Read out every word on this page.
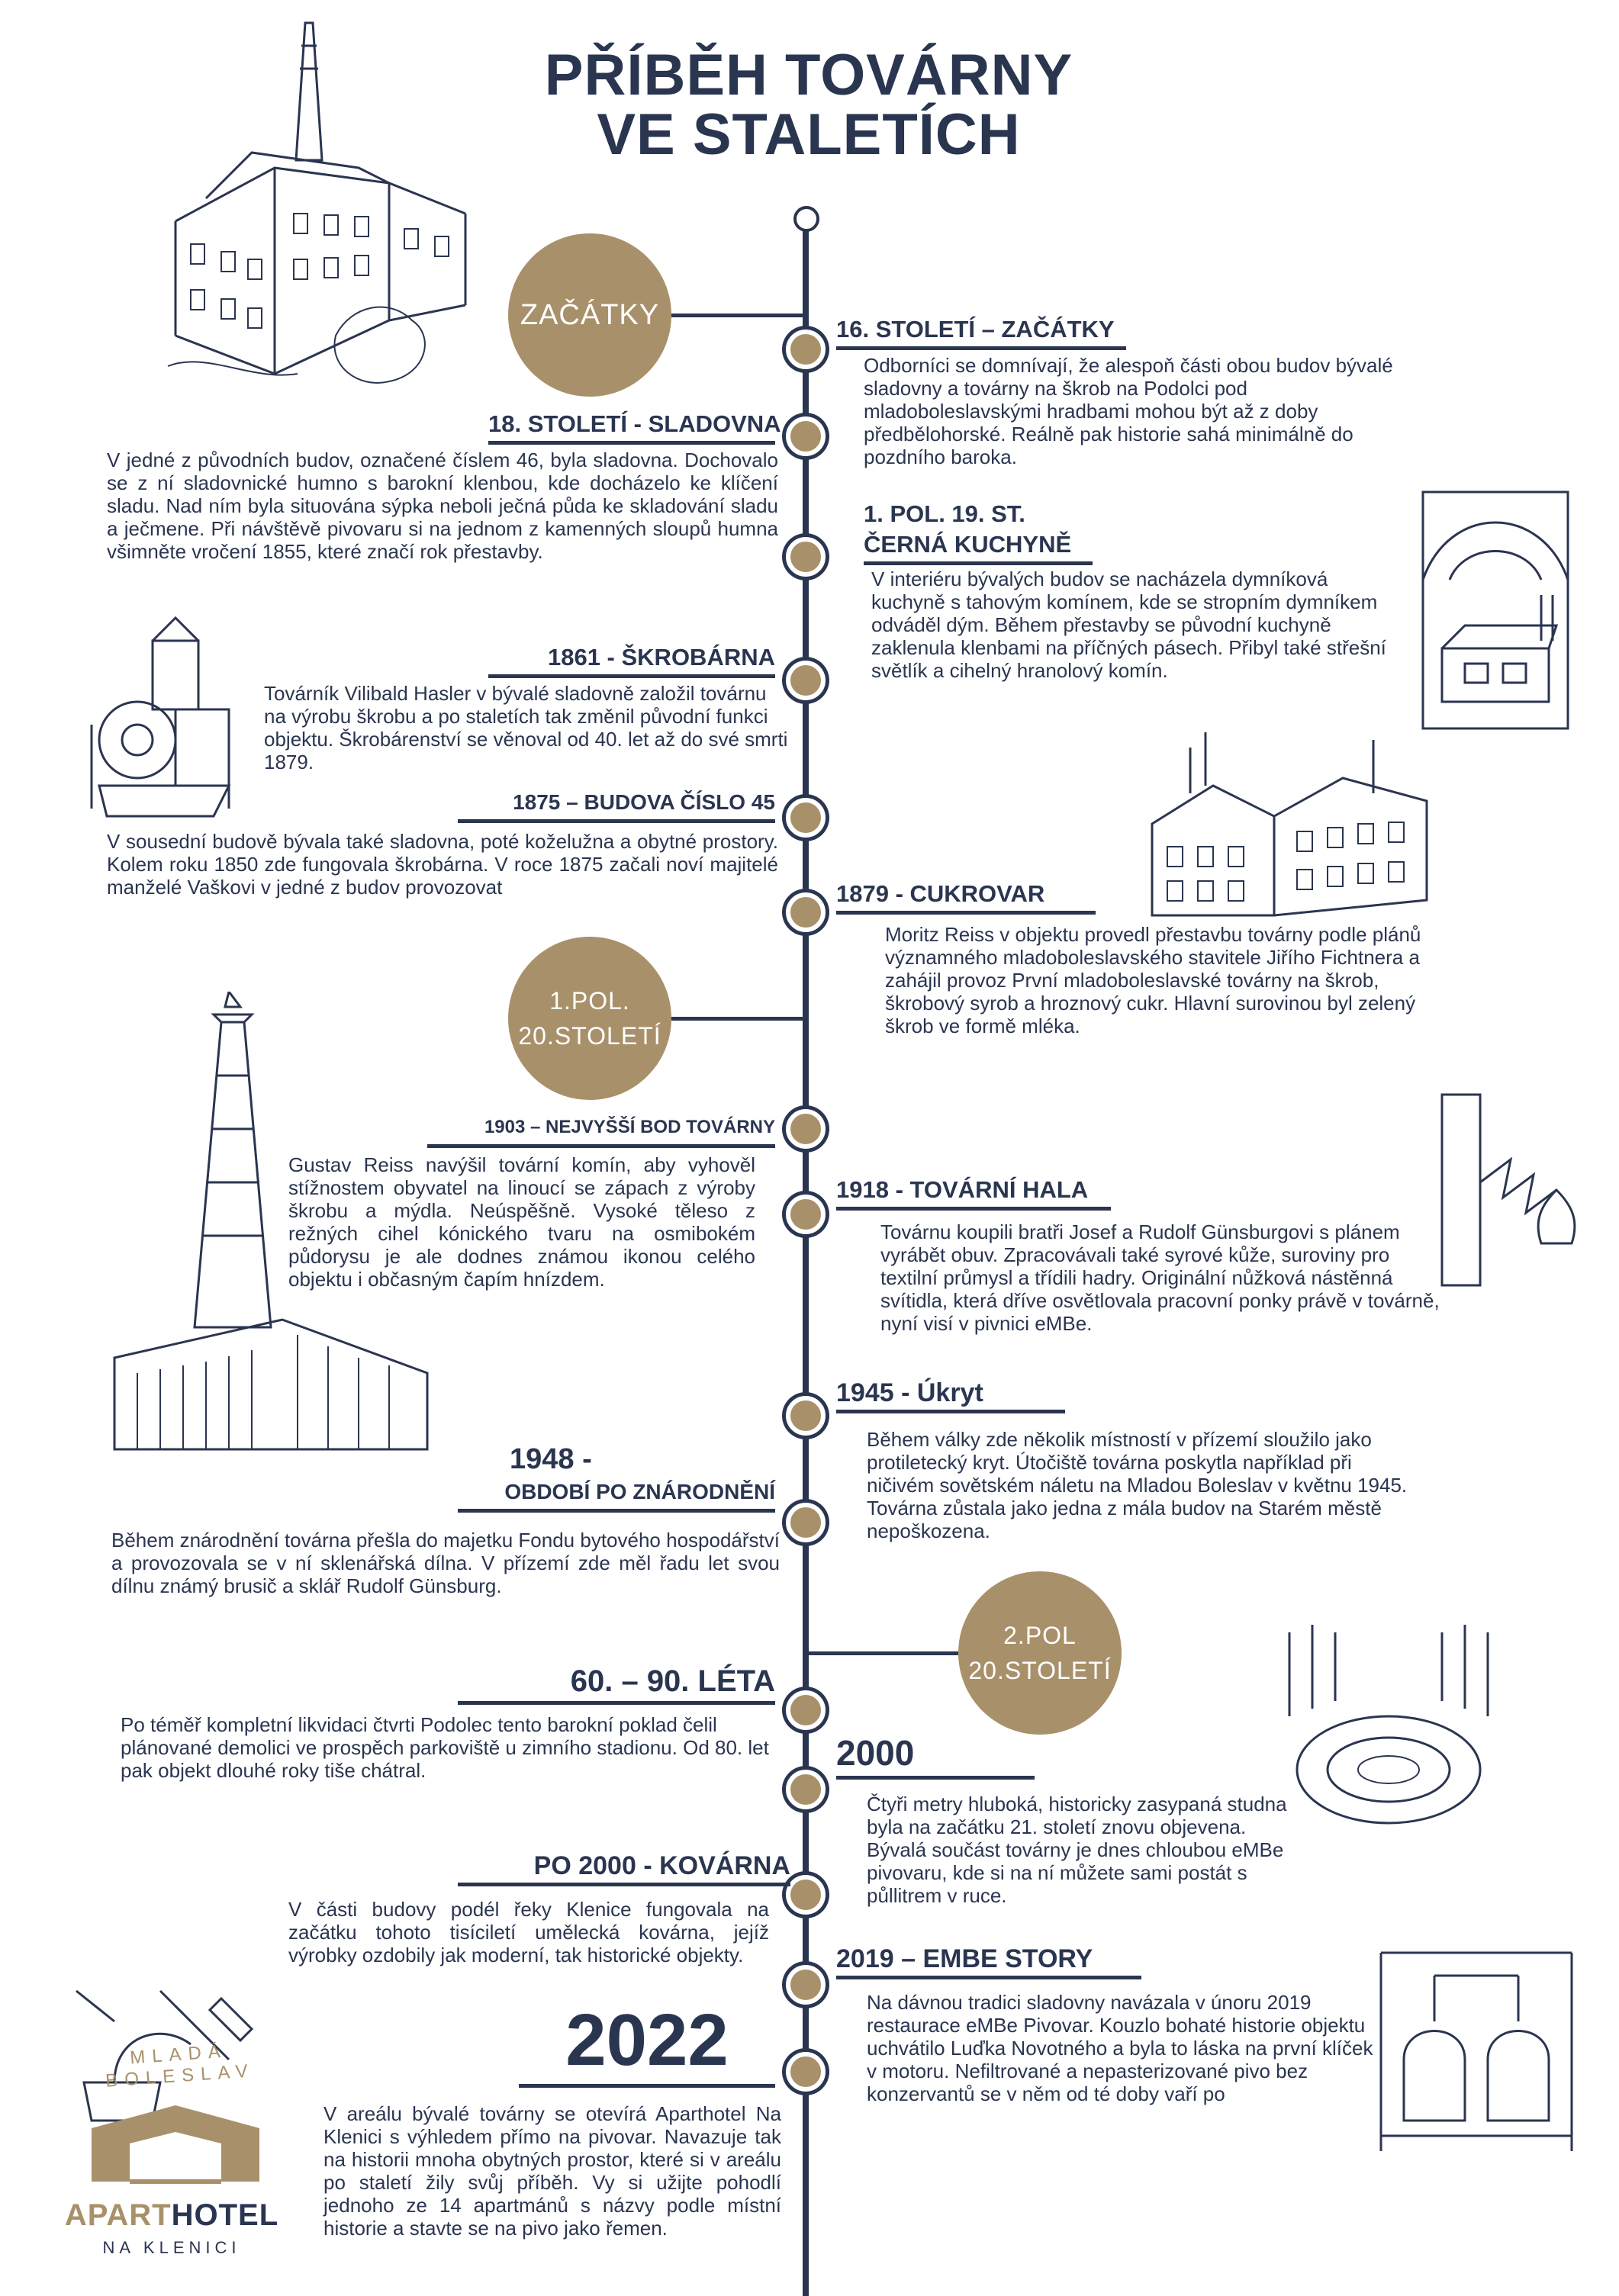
PŘÍBĚH TOVÁRNY
VE STALETÍCH
ZAČÁTKY
1.POL.
20.STOLETÍ
2.POL
20.STOLETÍ
16. STOLETÍ – ZAČÁTKY
Odborníci se domnívají, že alespoň části obou budov bývalé sladovny a továrny na škrob na Podolci pod mladoboleslavskými hradbami mohou být až z doby předbělohorské. Reálně pak historie sahá minimálně do pozdního baroka.
18. STOLETÍ - SLADOVNA
V jedné z původních budov, označené číslem 46, byla sladovna. Dochovalo se z ní sladovnické humno s barokní klenbou, kde docházelo ke klíčení sladu. Nad ním byla situována sýpka neboli ječná půda ke skladování sladu a ječmene. Při návštěvě pivovaru si na jednom z kamenných sloupů humna všimněte vročení 1855, které značí rok přestavby.
1. POL. 19. ST.
ČERNÁ KUCHYNĚ
V interiéru bývalých budov se nacházela dymníková kuchyně s tahovým komínem, kde se stropním dymníkem odváděl dým. Během přestavby se původní kuchyně zaklenula klenbami na příčných pásech. Přibyl také střešní světlík a cihelný hranolový komín.
1861 - ŠKROBÁRNA
Továrník Vilibald Hasler v bývalé sladovně založil továrnu na výrobu škrobu a po staletích tak změnil původní funkci objektu. Škrobárenství se věnoval od 40. let až do své smrti 1879.
1875 – BUDOVA ČÍSLO 45
V sousední budově bývala také sladovna, poté koželužna a obytné prostory. Kolem roku 1850 zde fungovala škrobárna. V roce 1875 začali noví majitelé manželé Vaškovi v jedné z budov provozovat	1879 - CUKROVAR
Moritz Reiss v objektu provedl přestavbu továrny podle plánů významného mladoboleslavského stavitele Jiřího Fichtnera a zahájil provoz První mladoboleslavské továrny na škrob, škrobový syrob a hroznový cukr. Hlavní surovinou byl zelený škrob ve formě mléka.
1903 – NEJVYŠŠÍ BOD TOVÁRNY
Gustav Reiss navýšil tovární komín, aby vyhověl stížnostem obyvatel na linoucí se zápach z výroby škrobu a mýdla. Neúspěšně. Vysoké těleso z režných cihel kónického tvaru na osmibokém půdorysu je ale dodnes známou ikonou celého objektu i občasným čapím hnízdem.
1918 - TOVÁRNÍ HALA
Továrnu koupili bratři Josef a Rudolf Günsburgovi s plánem vyrábět obuv. Zpracovávali také syrové kůže, suroviny pro textilní průmysl a třídili hadry. Originální nůžková nástěnná svítidla, která dříve osvětlovala pracovní ponky právě v továrně, nyní visí v pivnici eMBe.
1945 - Úkryt
Během války zde několik místností v přízemí sloužilo jako protiletecký kryt. Útočiště továrna poskytla například při ničivém sovětském náletu na Mladou Boleslav v květnu 1945. Továrna zůstala jako jedna z mála budov na Starém městě nepoškozena.
1948 -
OBDOBÍ PO ZNÁRODNĚNÍ
Během znárodnění továrna přešla do majetku Fondu bytového hospodářství a provozovala se v ní sklenářská dílna. V přízemí zde měl řadu let svou dílnu známý brusič a sklář Rudolf Günsburg.
60. – 90. LÉTA
Po téměř kompletní likvidaci čtvrti Podolec tento barokní poklad čelil plánované demolici ve prospěch parkoviště u zimního stadionu. Od 80. let pak objekt dlouhé roky tiše chátral.	2000
Čtyři metry hluboká, historicky zasypaná studna byla na začátku 21. století znovu objevena. Bývalá součást továrny je dnes chloubou eMBe pivovaru, kde si na ní můžete sami postát s půllitrem v ruce.
PO 2000 - KOVÁRNA
V části budovy podél řeky Klenice fungovala na začátku tohoto tisíciletí umělecká kovárna, jejíž výrobky ozdobily jak moderní, tak historické objekty.	2019 – EMBE STORY
Na dávnou tradici sladovny navázala v únoru 2019 restaurace eMBe Pivovar. Kouzlo bohaté historie objektu uchvátilo Luďka Novotného a byla to láska na první klíček v motoru. Nefiltrované a nepasterizované pivo bez konzervantů se v něm od té doby vaří po
2022
V areálu bývalé továrny se otevírá Aparthotel Na Klenici s výhledem přímo na pivovar. Navazuje tak na historii mnoha obytných prostor, které si v areálu po staletí žily svůj příběh. Vy si užijte pohodlí jednoho ze 14 apartmánů s názvy podle místní historie a stavte se na pivo jako řemen.
MLADÁ BOLESLAV
APARTHOTEL
NA KLENICI
